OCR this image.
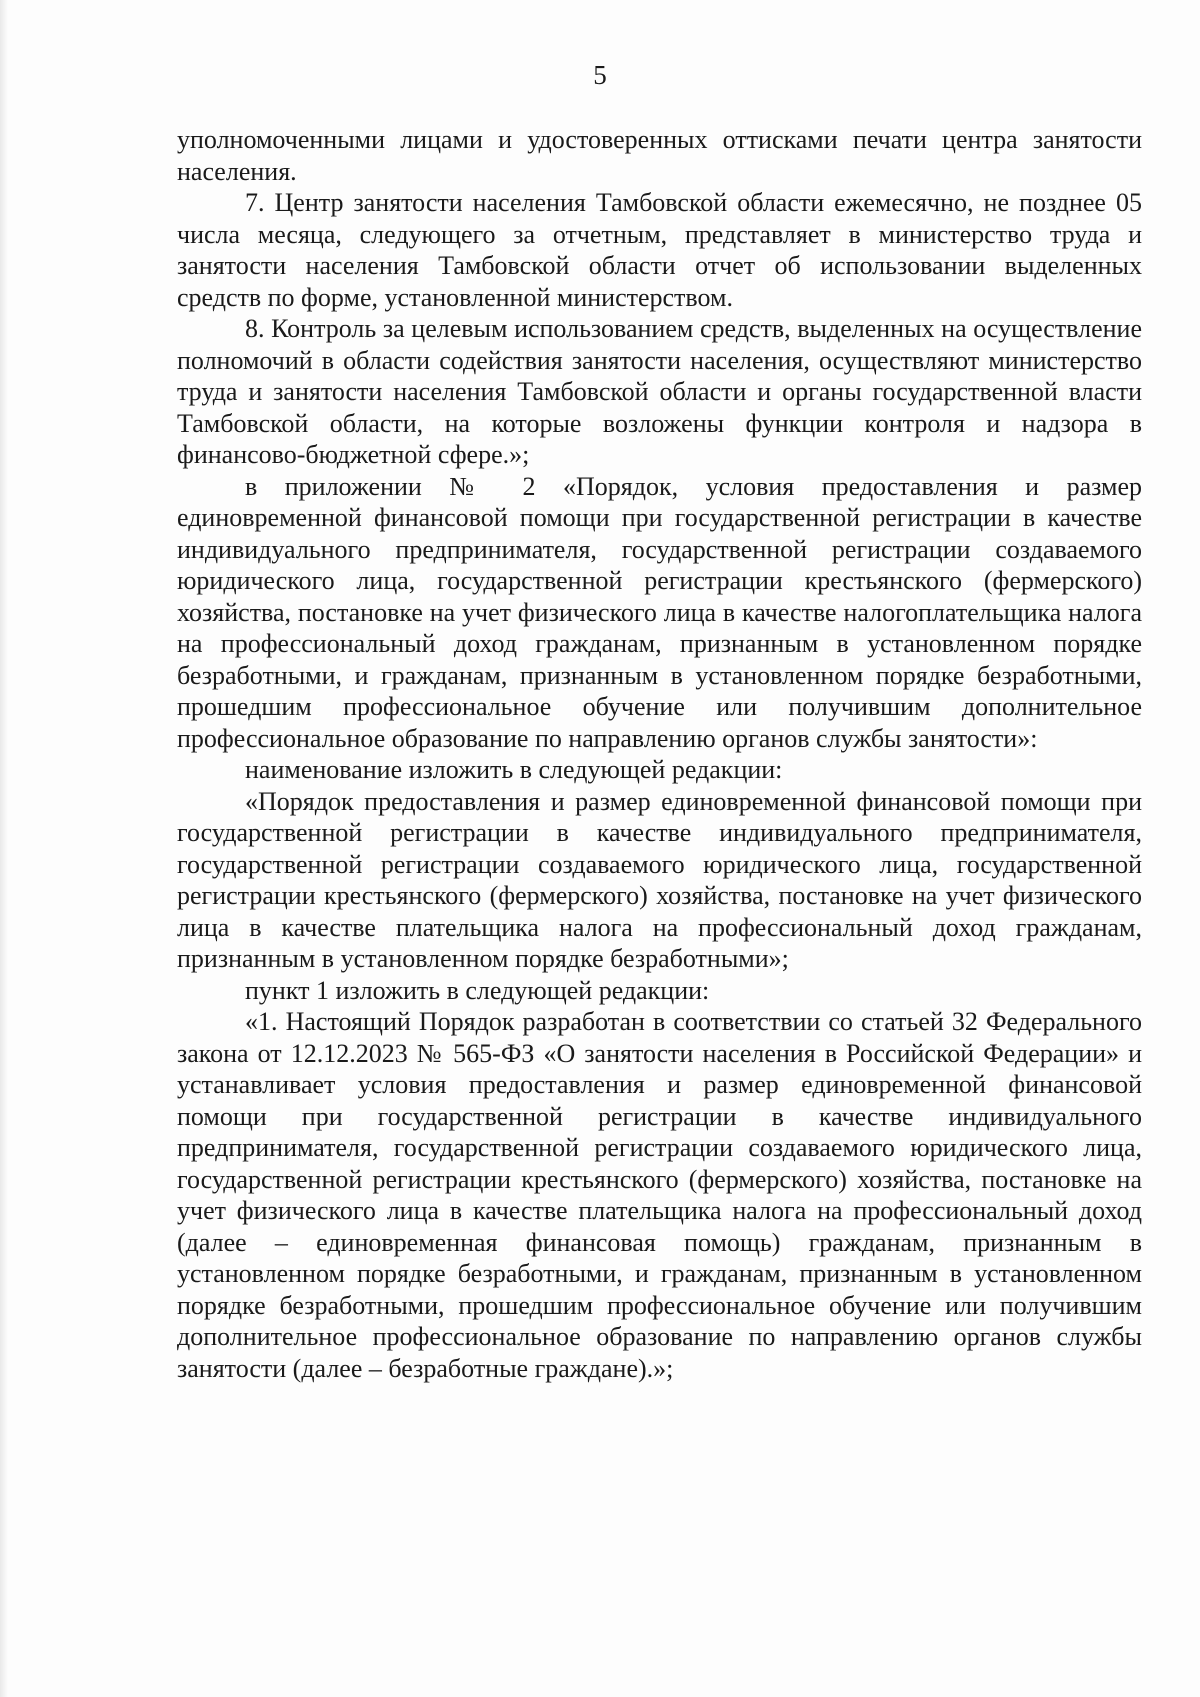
5

уполномоченными лицами и удостоверенных оттисками печати центра занятости населения.

7. Центр занятости населения Тамбовской области ежемесячно, не позднее 05 числа месяца, следующего за отчетным, представляет в министерство труда и занятости населения Тамбовской области отчет об использовании выделенных средств по форме, установленной министерством.

8. Контроль за целевым использованием средств, выделенных на осуществление полномочий в области содействия занятости населения, осуществляют министерство труда и занятости населения Тамбовской области и органы государственной власти Тамбовской области, на которые возложены функции контроля и надзора в финансово-бюджетной сфере.»;

в приложении № 2 «Порядок, условия предоставления и размер единовременной финансовой помощи при государственной регистрации в качестве индивидуального предпринимателя, государственной регистрации создаваемого юридического лица, государственной регистрации крестьянского (фермерского) хозяйства, постановке на учет физического лица в качестве налогоплательщика налога на профессиональный доход гражданам, признанным в установленном порядке безработными, и гражданам, признанным в установленном порядке безработными, прошедшим профессиональное обучение или получившим дополнительное профессиональное образование по направлению органов службы занятости»:

наименование изложить в следующей редакции:

«Порядок предоставления и размер единовременной финансовой помощи при государственной регистрации в качестве индивидуального предпринимателя, государственной регистрации создаваемого юридического лица, государственной регистрации крестьянского (фермерского) хозяйства, постановке на учет физического лица в качестве плательщика налога на профессиональный доход гражданам, признанным в установленном порядке безработными»;

пункт 1 изложить в следующей редакции:

«1. Настоящий Порядок разработан в соответствии со статьей 32 Федерального закона от 12.12.2023 № 565-ФЗ «О занятости населения в Российской Федерации» и устанавливает условия предоставления и размер единовременной финансовой помощи при государственной регистрации в качестве индивидуального предпринимателя, государственной регистрации создаваемого юридического лица, государственной регистрации крестьянского (фермерского) хозяйства, постановке на учет физического лица в качестве плательщика налога на профессиональный доход (далее – единовременная финансовая помощь) гражданам, признанным в установленном порядке безработными, и гражданам, признанным в установленном порядке безработными, прошедшим профессиональное обучение или получившим дополнительное профессиональное образование по направлению органов службы занятости (далее – безработные граждане).»;
